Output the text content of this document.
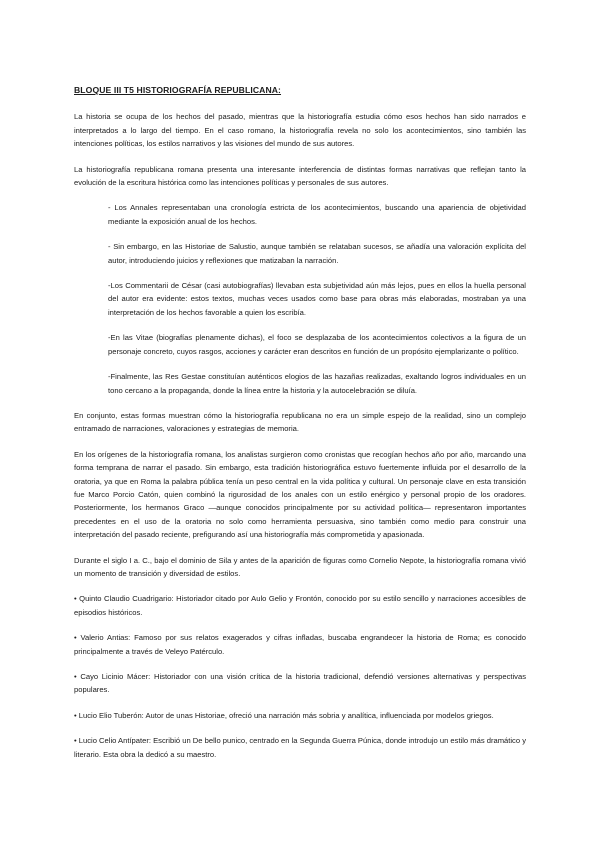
BLOQUE III T5 HISTORIOGRAFÍA REPUBLICANA:

La historia se ocupa de los hechos del pasado, mientras que la historiografía estudia cómo esos hechos han sido narrados e interpretados a lo largo del tiempo. En el caso romano, la historiografía revela no solo los acontecimientos, sino también las intenciones políticas, los estilos narrativos y las visiones del mundo de sus autores.

La historiografía republicana romana presenta una interesante interferencia de distintas formas narrativas que reflejan tanto la evolución de la escritura histórica como las intenciones políticas y personales de sus autores.

- Los Annales representaban una cronología estricta de los acontecimientos, buscando una apariencia de objetividad mediante la exposición anual de los hechos.

- Sin embargo, en las Historiae de Salustio, aunque también se relataban sucesos, se añadía una valoración explícita del autor, introduciendo juicios y reflexiones que matizaban la narración.

-Los Commentarii de César (casi autobiografías) llevaban esta subjetividad aún más lejos, pues en ellos la huella personal del autor era evidente: estos textos, muchas veces usados como base para obras más elaboradas, mostraban ya una interpretación de los hechos favorable a quien los escribía.

-En las Vitae (biografías plenamente dichas), el foco se desplazaba de los acontecimientos colectivos a la figura de un personaje concreto, cuyos rasgos, acciones y carácter eran descritos en función de un propósito ejemplarizante o político.

-Finalmente, las Res Gestae constituían auténticos elogios de las hazañas realizadas, exaltando logros individuales en un tono cercano a la propaganda, donde la línea entre la historia y la autocelebración se diluía.

En conjunto, estas formas muestran cómo la historiografía republicana no era un simple espejo de la realidad, sino un complejo entramado de narraciones, valoraciones y estrategias de memoria.

En los orígenes de la historiografía romana, los analistas surgieron como cronistas que recogían hechos año por año, marcando una forma temprana de narrar el pasado. Sin embargo, esta tradición historiográfica estuvo fuertemente influida por el desarrollo de la oratoria, ya que en Roma la palabra pública tenía un peso central en la vida política y cultural. Un personaje clave en esta transición fue Marco Porcio Catón, quien combinó la rigurosidad de los anales con un estilo enérgico y personal propio de los oradores. Posteriormente, los hermanos Graco —aunque conocidos principalmente por su actividad política— representaron importantes precedentes en el uso de la oratoria no solo como herramienta persuasiva, sino también como medio para construir una interpretación del pasado reciente, prefigurando así una historiografía más comprometida y apasionada.

Durante el siglo I a. C., bajo el dominio de Sila y antes de la aparición de figuras como Cornelio Nepote, la historiografía romana vivió un momento de transición y diversidad de estilos.

• Quinto Claudio Cuadrigario: Historiador citado por Aulo Gelio y Frontón, conocido por su estilo sencillo y narraciones accesibles de episodios históricos.

• Valerio Antias: Famoso por sus relatos exagerados y cifras infladas, buscaba engrandecer la historia de Roma; es conocido principalmente a través de Veleyo Patérculo.

• Cayo Licinio Mácer: Historiador con una visión crítica de la historia tradicional, defendió versiones alternativas y perspectivas populares.

• Lucio Elio Tuberón: Autor de unas Historiae, ofreció una narración más sobria y analítica, influenciada por modelos griegos.

• Lucio Celio Antípater: Escribió un De bello punico, centrado en la Segunda Guerra Púnica, donde introdujo un estilo más dramático y literario. Esta obra la dedicó a su maestro.
